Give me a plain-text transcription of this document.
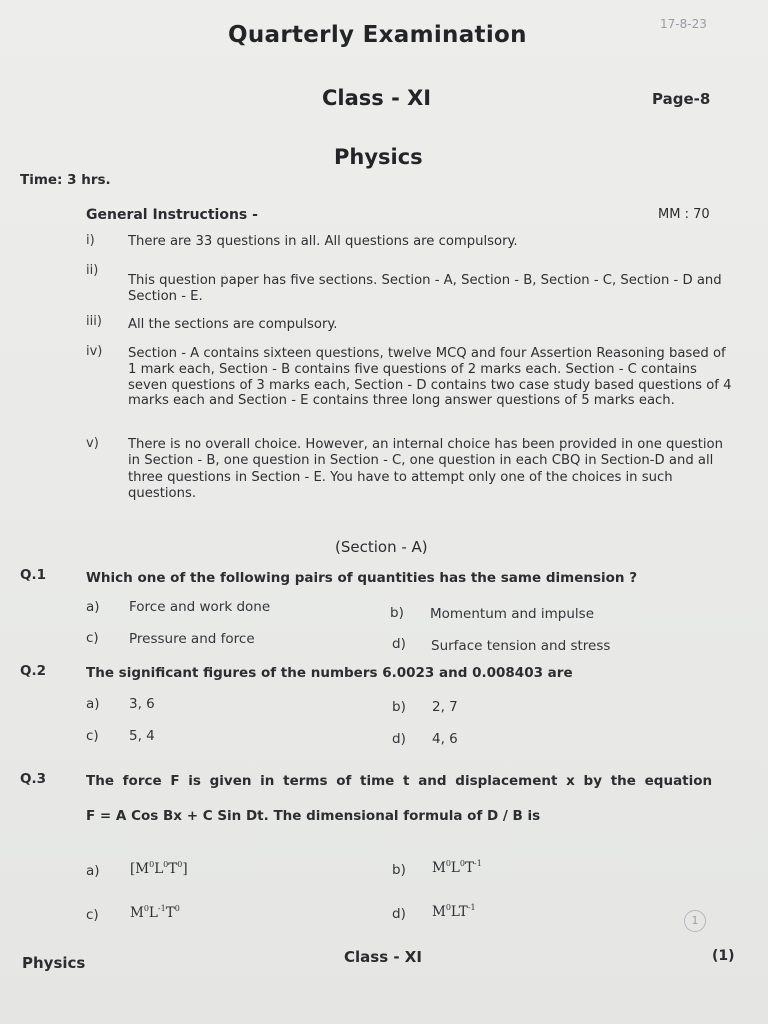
17-8-23
Quarterly Examination
Class - XI	Page-8
Physics
Time: 3 hrs.
General Instructions -	MM : 70
i)	There are 33 questions in all. All questions are compulsory.
ii)
This question paper has five sections. Section - A, Section - B, Section - C, Section - D and Section - E.
iii) All the sections are compulsory.
iv) Section - A contains sixteen questions, twelve MCQ and four Assertion Reasoning based of 1 mark each, Section - B contains five questions of 2 marks each. Section - C contains seven questions of 3 marks each, Section - D contains two case study based questions of 4 marks each and Section - E contains three long answer questions of 5 marks each.
v) There is no overall choice. However, an internal choice has been provided in one question in Section - B, one question in Section - C, one question in each CBQ in Section-D and all three questions in Section - E. You have to attempt only one of the choices in such questions.
(Section - A)
Q.1	Which one of the following pairs of quantities has the same dimension ?
a) Force and work done	b) Momentum and impulse
c) Pressure and force	d) Surface tension and stress
Q.2	The significant figures of the numbers 6.0023 and 0.008403 are
a) 3, 6	b) 2, 7
c) 5, 4	d) 4, 6
Q.3	The force F is given in terms of time t and displacement x by the equation
F = A Cos Bx + C Sin Dt. The dimensional formula of D / B is
a) $[M^0L^0T^0]$	b) $M^0L^0T^{-1}$
c) $M^0L^{-1}T^0$	d) $M^0LT^{-1}$
1
Physics	Class - XI	(1)
